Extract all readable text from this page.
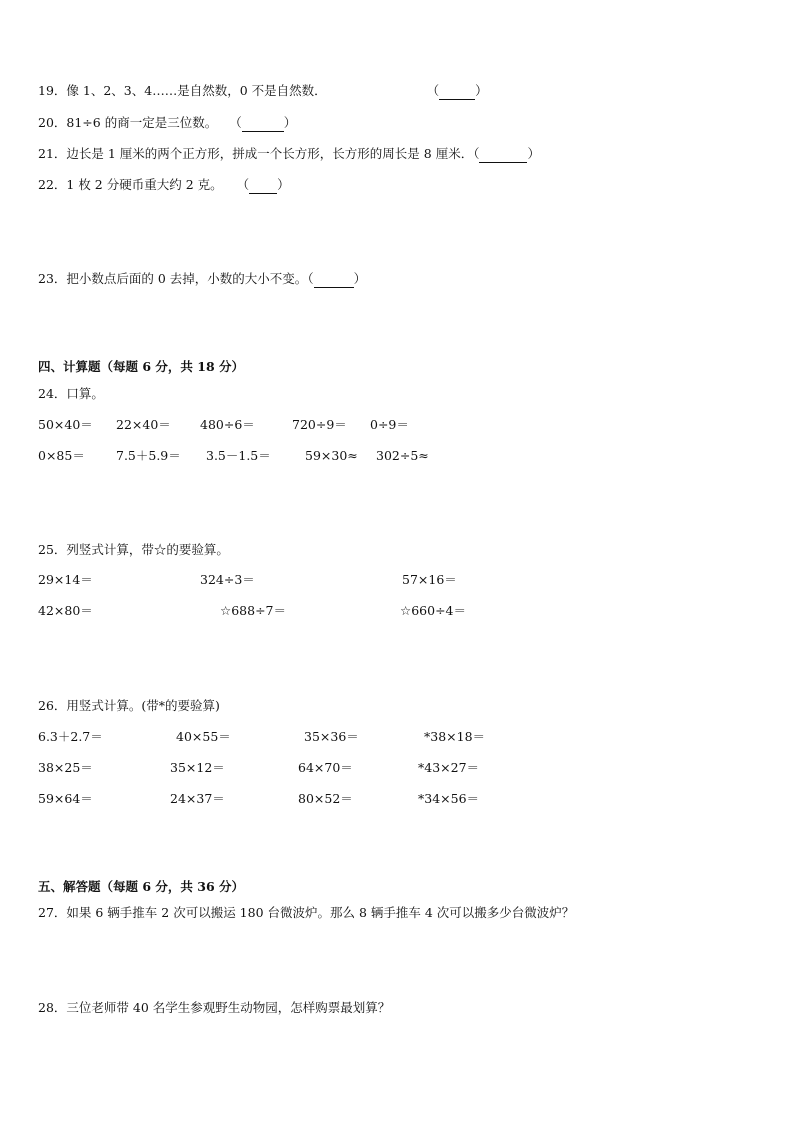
19．像 1、2、3、4……是自然数，0 不是自然数．	（	）
20．81÷6 的商一定是三位数。 （	）
21．边长是 1 厘米的两个正方形，拼成一个长方形，长方形的周长是 8 厘米．（	）
22．1 枚 2 分硬币重大约 2 克。 （ ）
23．把小数点后面的 0 去掉，小数的大小不变。（	）
四、计算题（每题 6 分，共 18 分）
24．口算。
50×40＝ 22×40＝ 480÷6＝	720÷9＝ 0÷9＝
0×85＝ 7.5＋5.9＝ 3.5－1.5＝	59×30≈ 302÷5≈
25．列竖式计算，带☆的要验算。
29×14＝	324÷3＝	57×16＝
42×80＝	☆688÷7＝	☆660÷4＝
26．用竖式计算。(带*的要验算)
6.3＋2.7＝	40×55＝	35×36＝	*38×18＝
38×25＝	35×12＝	64×70＝	*43×27＝
59×64＝	24×37＝	80×52＝	*34×56＝
五、解答题（每题 6 分，共 36 分）
27．如果 6 辆手推车 2 次可以搬运 180 台微波炉。那么 8 辆手推车 4 次可以搬多少台微波炉？
28．三位老师带 40 名学生参观野生动物园，怎样购票最划算？
